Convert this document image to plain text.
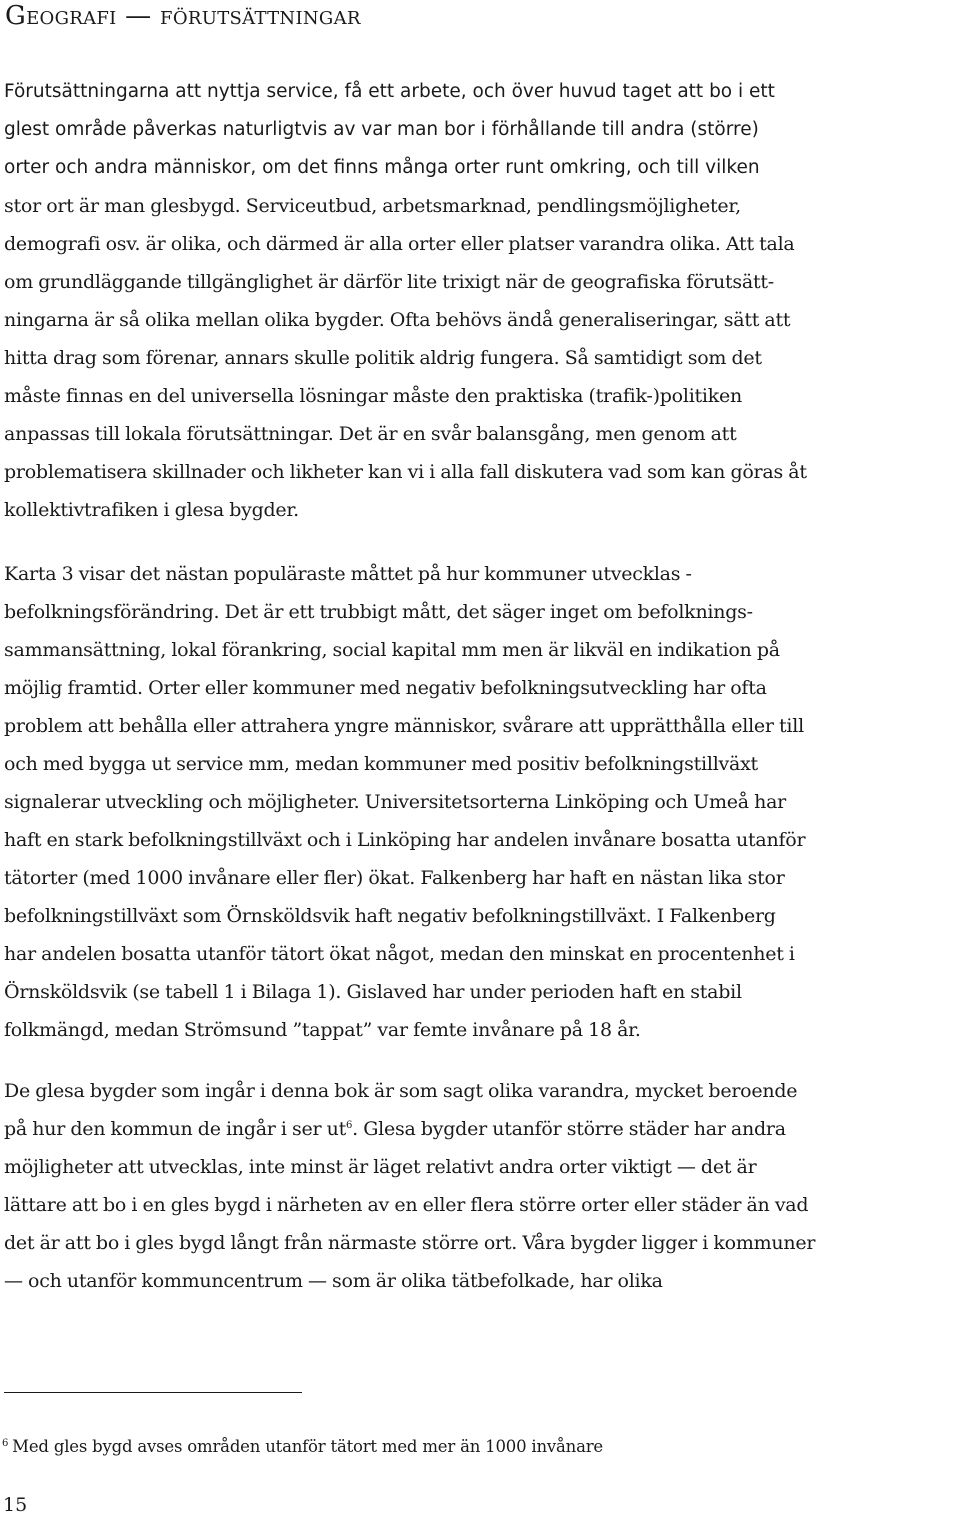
Geografi — förutsättningar
Förutsättningarna att nyttja service, få ett arbete, och över huvud taget att bo i ett
glest område påverkas naturligtvis av var man bor i förhållande till andra (större)
orter och andra människor, om det finns många orter runt omkring, och till vilken
stor ort är man glesbygd. Serviceutbud, arbetsmarknad, pendlingsmöjligheter,
demografi osv. är olika, och därmed är alla orter eller platser varandra olika. Att tala
om grundläggande tillgänglighet är därför lite trixigt när de geografiska förutsätt-
ningarna är så olika mellan olika bygder. Ofta behövs ändå generaliseringar, sätt att
hitta drag som förenar, annars skulle politik aldrig fungera. Så samtidigt som det
måste finnas en del universella lösningar måste den praktiska (trafik-)politiken
anpassas till lokala förutsättningar. Det är en svår balansgång, men genom att
problematisera skillnader och likheter kan vi i alla fall diskutera vad som kan göras åt
kollektivtrafiken i glesa bygder.
Karta 3 visar det nästan populäraste måttet på hur kommuner utvecklas -
befolkningsförändring. Det är ett trubbigt mått, det säger inget om befolknings-
sammansättning, lokal förankring, social kapital mm men är likväl en indikation på
möjlig framtid. Orter eller kommuner med negativ befolkningsutveckling har ofta
problem att behålla eller attrahera yngre människor, svårare att upprätthålla eller till
och med bygga ut service mm, medan kommuner med positiv befolkningstillväxt
signalerar utveckling och möjligheter. Universitetsorterna Linköping och Umeå har
haft en stark befolkningstillväxt och i Linköping har andelen invånare bosatta utanför
tätorter (med 1000 invånare eller fler) ökat. Falkenberg har haft en nästan lika stor
befolkningstillväxt som Örnsköldsvik haft negativ befolkningstillväxt. I Falkenberg
har andelen bosatta utanför tätort ökat något, medan den minskat en procentenhet i
Örnsköldsvik (se tabell 1 i Bilaga 1). Gislaved har under perioden haft en stabil
folkmängd, medan Strömsund ”tappat” var femte invånare på 18 år.
De glesa bygder som ingår i denna bok är som sagt olika varandra, mycket beroende
på hur den kommun de ingår i ser ut$^6$. Glesa bygder utanför större städer har andra
möjligheter att utvecklas, inte minst är läget relativt andra orter viktigt — det är
lättare att bo i en gles bygd i närheten av en eller flera större orter eller städer än vad
det är att bo i gles bygd långt från närmaste större ort. Våra bygder ligger i kommuner
— och utanför kommuncentrum — som är olika tätbefolkade, har olika

$^6$ Med gles bygd avses områden utanför tätort med mer än 1000 invånare

15
